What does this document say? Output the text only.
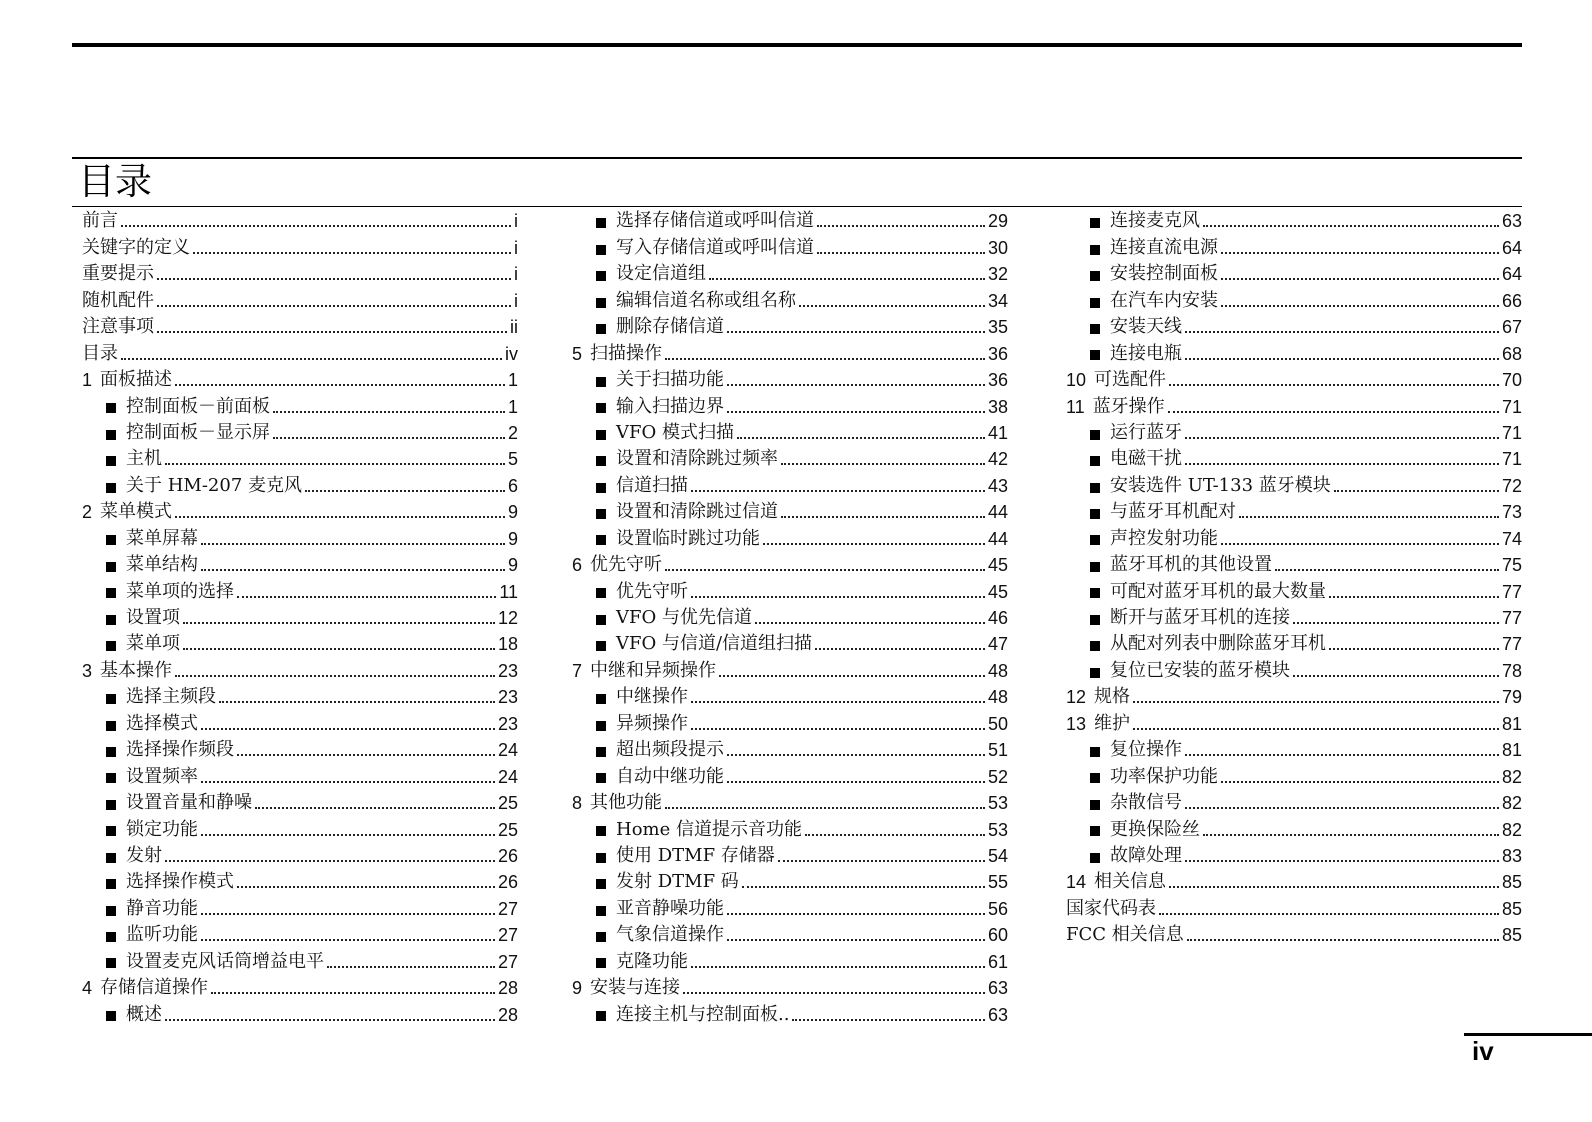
目录
前言	i
关键字的定义	i
重要提示	i
随机配件	i
注意事项	ii
目录	iv
1 面板描述	1
控制面板－前面板	1
控制面板－显示屏	2
主机	5
关于 HM-207 麦克风	6
2 菜单模式	9
菜单屏幕	9
菜单结构	9
菜单项的选择	11
设置项	12
菜单项	18
3 基本操作	23
选择主频段	23
选择模式	23
选择操作频段	24
设置频率	24
设置音量和静噪	25
锁定功能	25
发射	26
选择操作模式	26
静音功能	27
监听功能	27
设置麦克风话筒增益电平	27
4 存储信道操作	28
概述	28
选择存储信道或呼叫信道	29
写入存储信道或呼叫信道	30
设定信道组	32
编辑信道名称或组名称	34
删除存储信道	35
5 扫描操作	36
关于扫描功能	36
输入扫描边界	38
VFO 模式扫描	41
设置和清除跳过频率	42
信道扫描	43
设置和清除跳过信道	44
设置临时跳过功能	44
6 优先守听	45
优先守听	45
VFO 与优先信道	46
VFO 与信道/信道组扫描	47
7 中继和异频操作	48
中继操作	48
异频操作	50
超出频段提示	51
自动中继功能	52
8 其他功能	53
Home 信道提示音功能	53
使用 DTMF 存储器	54
发射 DTMF 码	55
亚音静噪功能	56
气象信道操作	60
克隆功能	61
9 安装与连接	63
连接主机与控制面板..	63
连接麦克风	63
连接直流电源	64
安装控制面板	64
在汽车内安装	66
安装天线	67
连接电瓶	68
10 可选配件	70
11 蓝牙操作	71
运行蓝牙	71
电磁干扰	71
安装选件 UT-133 蓝牙模块	72
与蓝牙耳机配对	73
声控发射功能	74
蓝牙耳机的其他设置	75
可配对蓝牙耳机的最大数量	77
断开与蓝牙耳机的连接	77
从配对列表中删除蓝牙耳机	77
复位已安装的蓝牙模块	78
12 规格	79
13 维护	81
复位操作	81
功率保护功能	82
杂散信号	82
更换保险丝	82
故障处理	83
14 相关信息	85
国家代码表	85
FCC 相关信息	85
iv
